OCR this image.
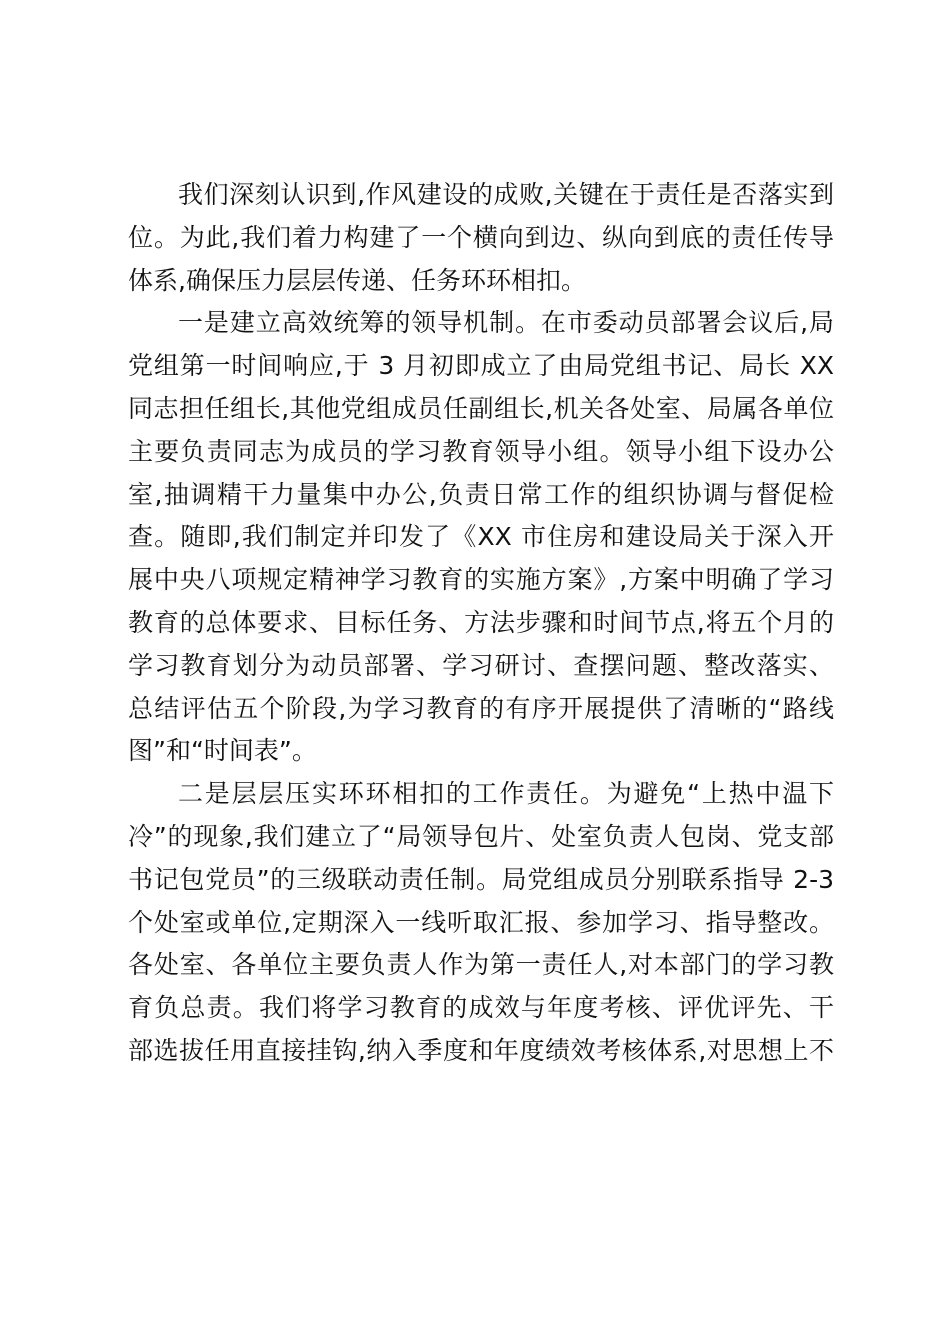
我们深刻认识到,作风建设的成败,关键在于责任是否落实到
位。为此,我们着力构建了一个横向到边、纵向到底的责任传导
体系,确保压力层层传递、任务环环相扣。
一是建立高效统筹的领导机制。在市委动员部署会议后,局
党组第一时间响应,于 3 月初即成立了由局党组书记、局长 XX
同志担任组长,其他党组成员任副组长,机关各处室、局属各单位
主要负责同志为成员的学习教育领导小组。领导小组下设办公
室,抽调精干力量集中办公,负责日常工作的组织协调与督促检
查。随即,我们制定并印发了《XX 市住房和建设局关于深入开
展中央八项规定精神学习教育的实施方案》,方案中明确了学习
教育的总体要求、目标任务、方法步骤和时间节点,将五个月的
学习教育划分为动员部署、学习研讨、查摆问题、整改落实、
总结评估五个阶段,为学习教育的有序开展提供了清晰的“路线
图”和“时间表”。
二是层层压实环环相扣的工作责任。为避免“上热中温下
冷”的现象,我们建立了“局领导包片、处室负责人包岗、党支部
书记包党员”的三级联动责任制。局党组成员分别联系指导 2-3
个处室或单位,定期深入一线听取汇报、参加学习、指导整改。
各处室、各单位主要负责人作为第一责任人,对本部门的学习教
育负总责。我们将学习教育的成效与年度考核、评优评先、干
部选拔任用直接挂钩,纳入季度和年度绩效考核体系,对思想上不
